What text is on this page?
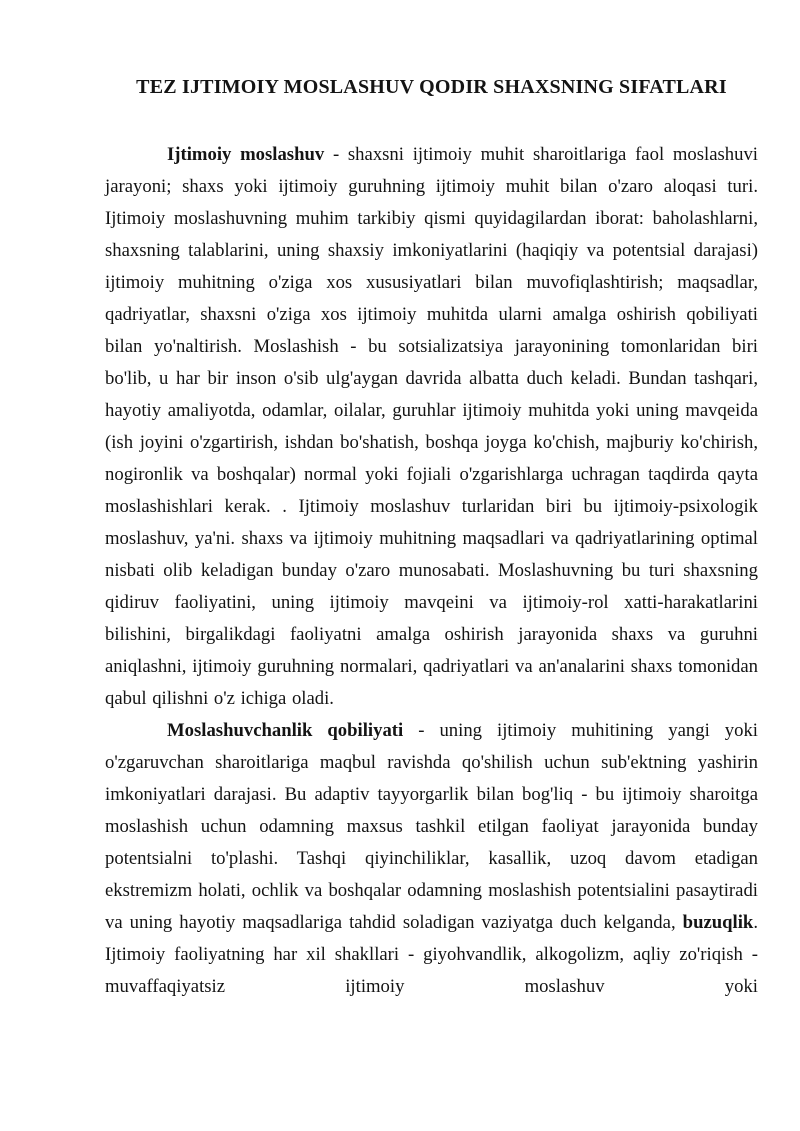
TEZ IJTIMOIY MOSLASHUV QODIR SHAXSNING SIFATLARI

Ijtimoiy moslashuv - shaxsni ijtimoiy muhit sharoitlariga faol moslashuvi jarayoni; shaxs yoki ijtimoiy guruhning ijtimoiy muhit bilan o'zaro aloqasi turi. Ijtimoiy moslashuvning muhim tarkibiy qismi quyidagilardan iborat: baholashlarni, shaxsning talablarini, uning shaxsiy imkoniyatlarini (haqiqiy va potentsial darajasi) ijtimoiy muhitning o'ziga xos xususiyatlari bilan muvofiqlashtirish; maqsadlar, qadriyatlar, shaxsni o'ziga xos ijtimoiy muhitda ularni amalga oshirish qobiliyati bilan yo'naltirish. Moslashish - bu sotsializatsiya jarayonining tomonlaridan biri bo'lib, u har bir inson o'sib ulg'aygan davrida albatta duch keladi. Bundan tashqari, hayotiy amaliyotda, odamlar, oilalar, guruhlar ijtimoiy muhitda yoki uning mavqeida (ish joyini o'zgartirish, ishdan bo'shatish, boshqa joyga ko'chish, majburiy ko'chirish, nogironlik va boshqalar) normal yoki fojiali o'zgarishlarga uchragan taqdirda qayta moslashishlari kerak. . Ijtimoiy moslashuv turlaridan biri bu ijtimoiy-psixologik moslashuv, ya'ni. shaxs va ijtimoiy muhitning maqsadlari va qadriyatlarining optimal nisbati olib keladigan bunday o'zaro munosabati. Moslashuvning bu turi shaxsning qidiruv faoliyatini, uning ijtimoiy mavqeini va ijtimoiy-rol xatti-harakatlarini bilishini, birgalikdagi faoliyatni amalga oshirish jarayonida shaxs va guruhni aniqlashni, ijtimoiy guruhning normalari, qadriyatlari va an'analarini shaxs tomonidan qabul qilishni o'z ichiga oladi.

Moslashuvchanlik qobiliyati - uning ijtimoiy muhitining yangi yoki o'zgaruvchan sharoitlariga maqbul ravishda qo'shilish uchun sub'ektning yashirin imkoniyatlari darajasi. Bu adaptiv tayyorgarlik bilan bog'liq - bu ijtimoiy sharoitga moslashish uchun odamning maxsus tashkil etilgan faoliyat jarayonida bunday potentsialni to'plashi. Tashqi qiyinchiliklar, kasallik, uzoq davom etadigan ekstremizm holati, ochlik va boshqalar odamning moslashish potentsialini pasaytiradi va uning hayotiy maqsadlariga tahdid soladigan vaziyatga duch kelganda, buzuqlik. Ijtimoiy faoliyatning har xil shakllari - giyohvandlik, alkogolizm, aqliy zo'riqish - muvaffaqiyatsiz ijtimoiy moslashuv yoki
